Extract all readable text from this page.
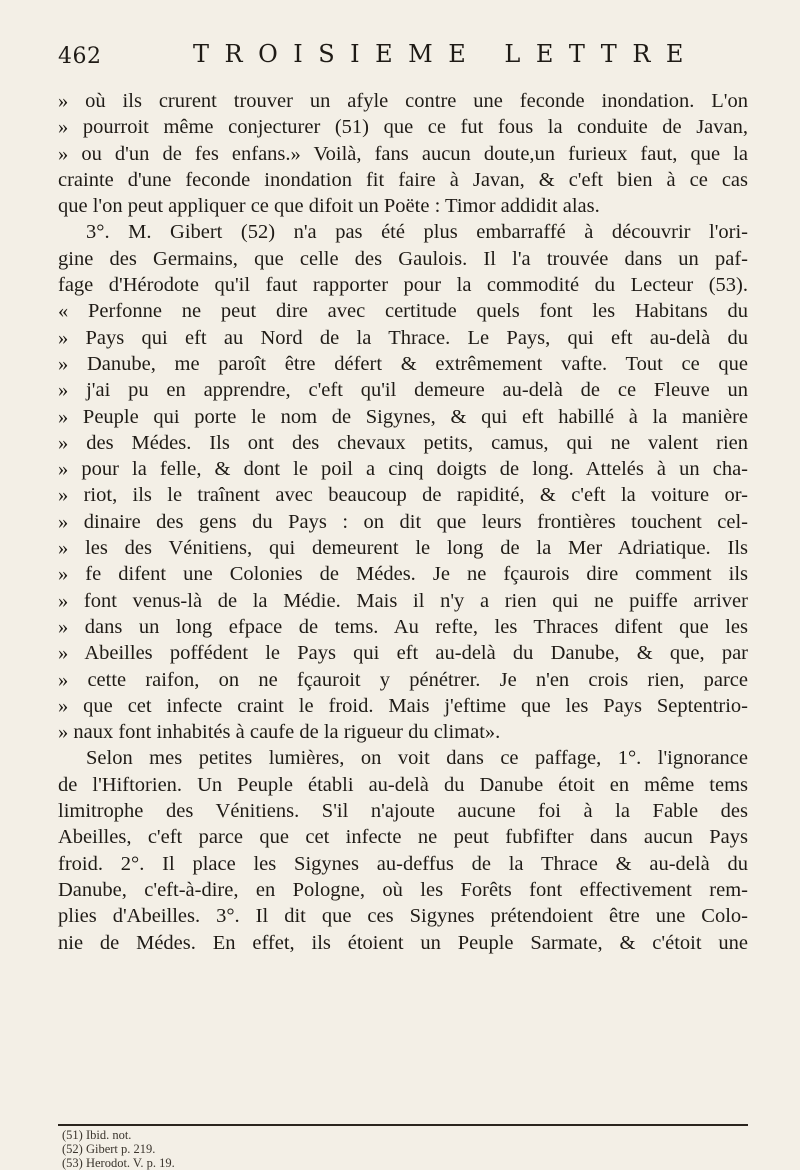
462	TROISIEME LETTRE
» où ils crurent trouver un afyle contre une feconde inondation. L'on
» pourroit même conjecturer (51) que ce fut fous la conduite de Javan,
» ou d'un de fes enfans.» Voilà, fans aucun doute,un furieux faut, que la
crainte d'une feconde inondation fit faire à Javan, & c'eft bien à ce cas
que l'on peut appliquer ce que difoit un Poëte : Timor addidit alas.
3°. M. Gibert (52) n'a pas été plus embarraffé à découvrir l'ori-
gine des Germains, que celle des Gaulois. Il l'a trouvée dans un paf-
fage d'Hérodote qu'il faut rapporter pour la commodité du Lecteur (53).
« Perfonne ne peut dire avec certitude quels font les Habitans du
» Pays qui eft au Nord de la Thrace. Le Pays, qui eft au-delà du
» Danube, me paroît être défert & extrêmement vafte. Tout ce que
» j'ai pu en apprendre, c'eft qu'il demeure au-delà de ce Fleuve un
» Peuple qui porte le nom de Sigynes, & qui eft habillé à la manière
» des Médes. Ils ont des chevaux petits, camus, qui ne valent rien
» pour la felle, & dont le poil a cinq doigts de long. Attelés à un cha-
» riot, ils le traînent avec beaucoup de rapidité, & c'eft la voiture or-
» dinaire des gens du Pays : on dit que leurs frontières touchent cel-
» les des Vénitiens, qui demeurent le long de la Mer Adriatique. Ils
» fe difent une Colonies de Médes. Je ne fçaurois dire comment ils
» font venus-là de la Médie. Mais il n'y a rien qui ne puiffe arriver
» dans un long efpace de tems. Au refte, les Thraces difent que les
» Abeilles poffédent le Pays qui eft au-delà du Danube, & que, par
» cette raifon, on ne fçauroit y pénétrer. Je n'en crois rien, parce
» que cet infecte craint le froid. Mais j'eftime que les Pays Septentrio-
» naux font inhabités à caufe de la rigueur du climat».
Selon mes petites lumières, on voit dans ce paffage, 1°. l'ignorance
de l'Hiftorien. Un Peuple établi au-delà du Danube étoit en même tems
limitrophe des Vénitiens. S'il n'ajoute aucune foi à la Fable des
Abeilles, c'eft parce que cet infecte ne peut fubfifter dans aucun Pays
froid. 2°. Il place les Sigynes au-deffus de la Thrace & au-delà du
Danube, c'eft-à-dire, en Pologne, où les Forêts font effectivement rem-
plies d'Abeilles. 3°. Il dit que ces Sigynes prétendoient être une Colo-
nie de Médes. En effet, ils étoient un Peuple Sarmate, & c'étoit une
(51) Ibid. not.
(52) Gibert p. 219.
(53) Herodot. V. p. 19.
